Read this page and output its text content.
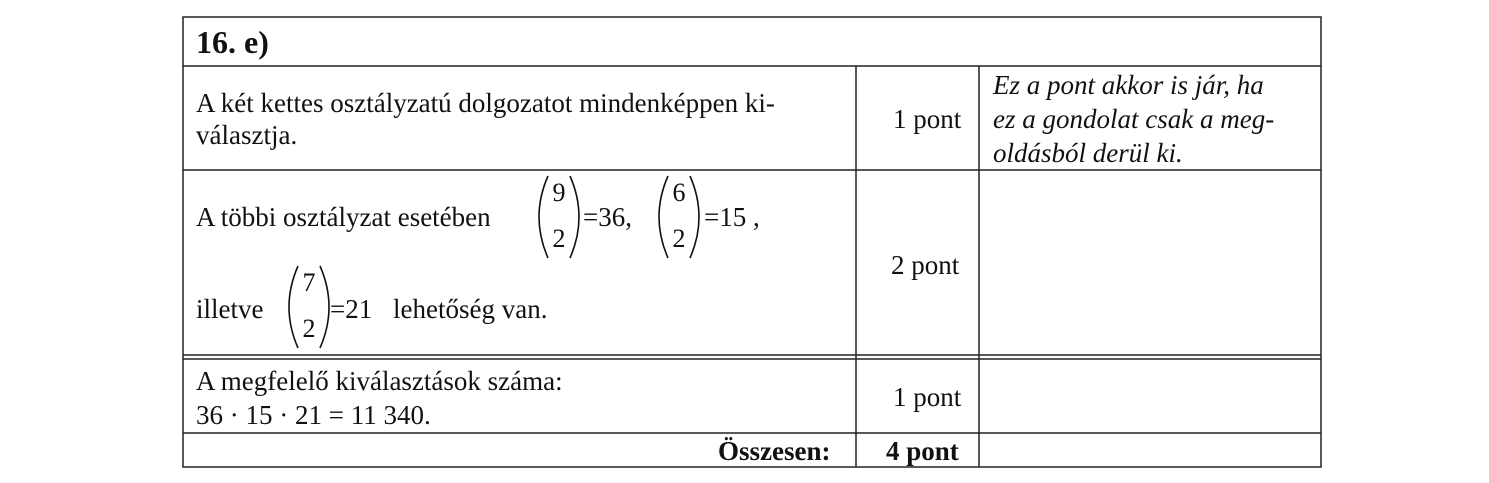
16. e)
A két kettes osztályzatú dolgozatot mindenképpen ki-
választja.
1 pont
Ez a pont akkor is jár, ha
ez a gondolat csak a meg-
oldásból derül ki.
A többi osztályzat esetében
9
2
=36,
6
2
=15 ,
illetve
7
2
=21 lehetőség van.
2 pont
A megfelelő kiválasztások száma:
36 · 15 · 21 = 11 340.
1 pont
Összesen: 4 pont
